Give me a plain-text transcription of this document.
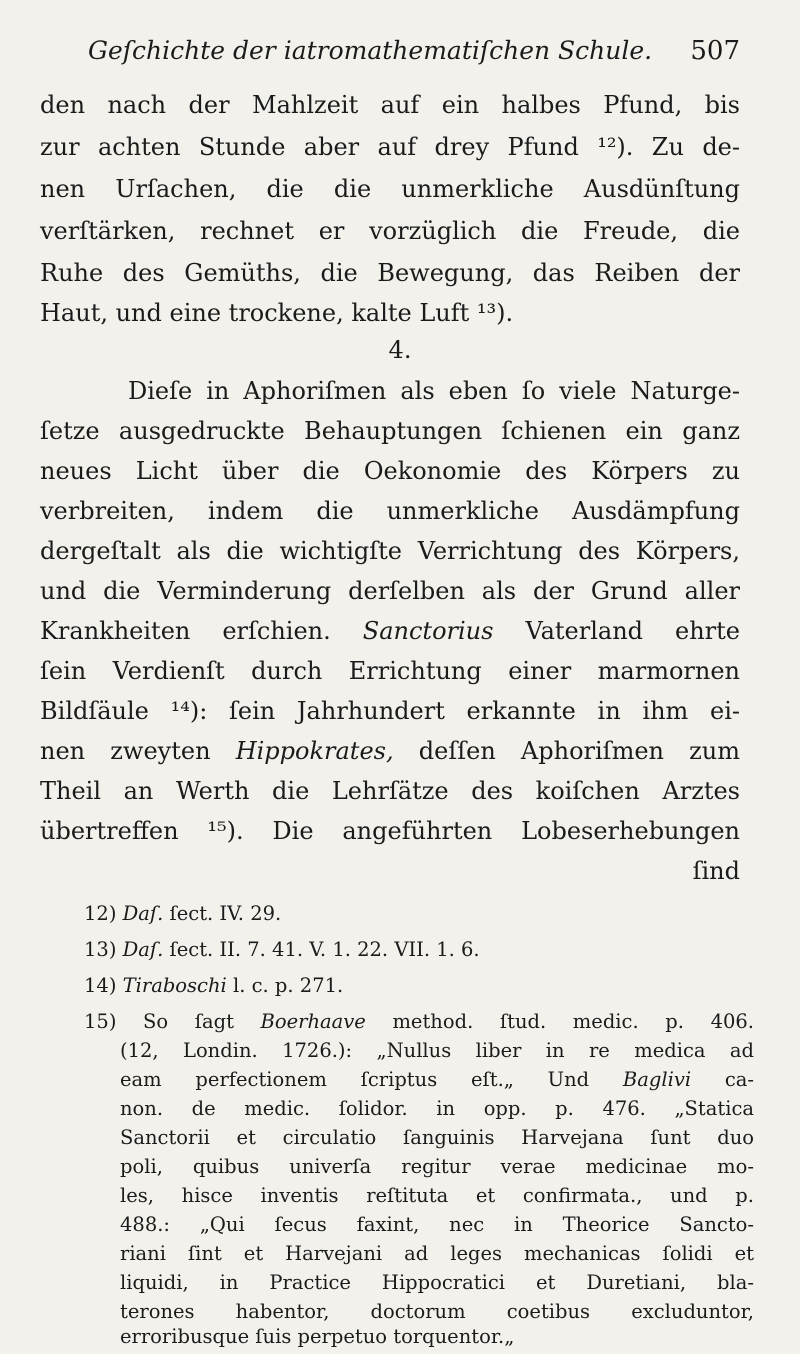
Geſchichte der iatromathematiſchen Schule. 507
den nach der Mahlzeit auf ein halbes Pfund, bis
zur achten Stunde aber auf drey Pfund ¹²). Zu de-
nen Urſachen, die die unmerkliche Ausdünſtung
verſtärken, rechnet er vorzüglich die Freude, die
Ruhe des Gemüths, die Bewegung, das Reiben der
Haut, und eine trockene, kalte Luft ¹³).
4.
Dieſe in Aphoriſmen als eben ſo viele Naturge-
ſetze ausgedruckte Behauptungen ſchienen ein ganz
neues Licht über die Oekonomie des Körpers zu
verbreiten, indem die unmerkliche Ausdämpfung
dergeſtalt als die wichtigſte Verrichtung des Körpers,
und die Verminderung derſelben als der Grund aller
Krankheiten erſchien. Sanctorius Vaterland ehrte
ſein Verdienſt durch Errichtung einer marmornen
Bildſäule ¹⁴): ſein Jahrhundert erkannte in ihm ei-
nen zweyten Hippokrates, deſſen Aphoriſmen zum
Theil an Werth die Lehrſätze des koiſchen Arztes
übertreffen ¹⁵). Die angeführten Lobeserhebungen
ſind
12) Daſ. ſect. IV. 29.
13) Daſ. ſect. II. 7. 41. V. 1. 22. VII. 1. 6.
14) Tiraboschi l. c. p. 271.
15) So ſagt Boerhaave method. ſtud. medic. p. 406.
(12, Londin. 1726.): „Nullus liber in re medica ad
eam perfectionem ſcriptus eſt.„ Und Baglivi ca-
non. de medic. ſolidor. in opp. p. 476. „Statica
Sanctorii et circulatio ſanguinis Harvejana ſunt duo
poli, quibus univerſa regitur verae medicinae mo-
les, hisce inventis reſtituta et confirmata., und p.
488.: „Qui ſecus faxint, nec in Theorice Sancto-
riani ſint et Harvejani ad leges mechanicas ſolidi et
liquidi, in Practice Hippocratici et Duretiani, bla-
terones habentor, doctorum coetibus excluduntor,
erroribusque ſuis perpetuo torquentor.„
